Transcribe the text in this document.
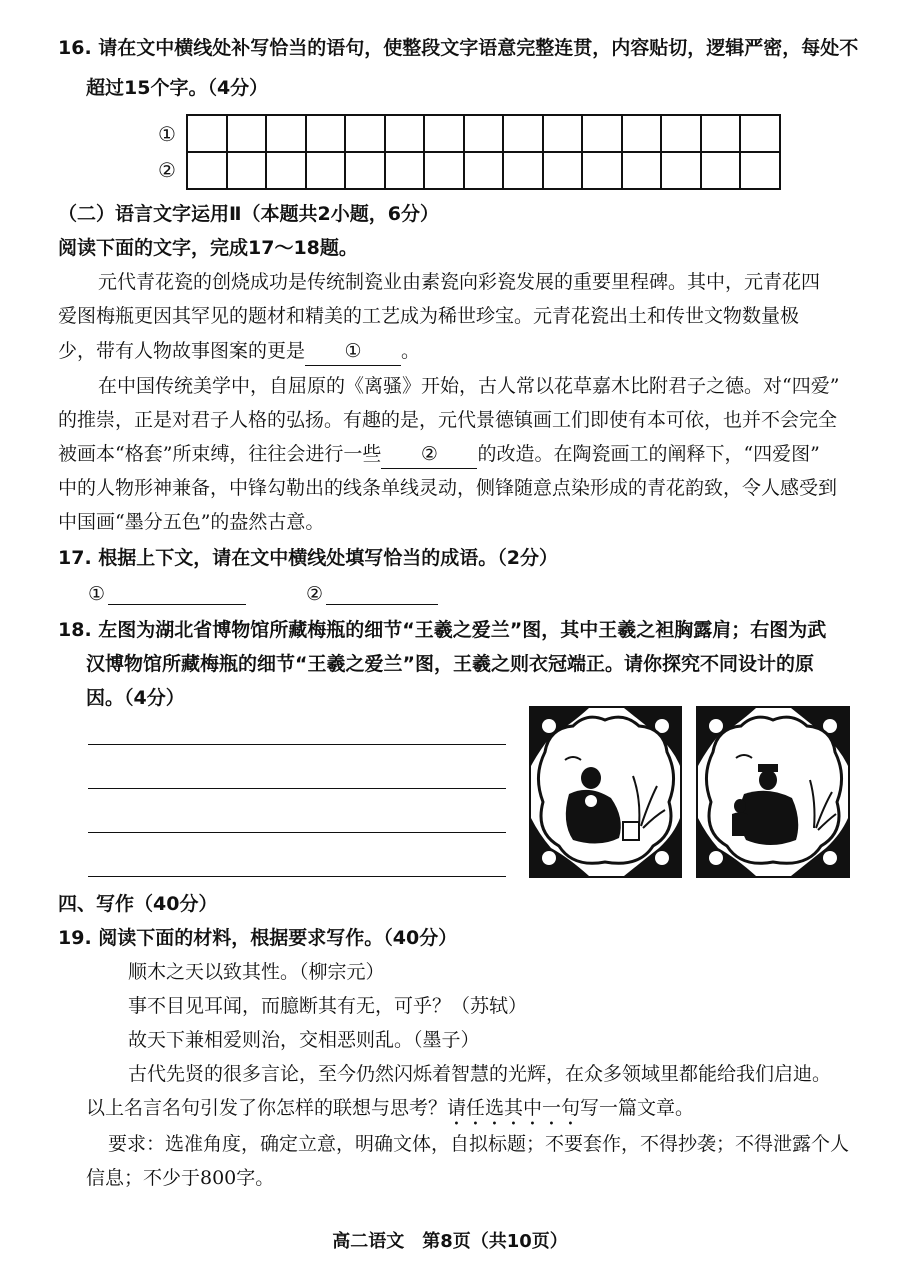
16. 请在文中横线处补写恰当的语句，使整段文字语意完整连贯，内容贴切，逻辑严密，每处不
超过15个字。（4分）
①
②

（二）语言文字运用Ⅱ（本题共2小题，6分）
阅读下面的文字，完成17～18题。
元代青花瓷的创烧成功是传统制瓷业由素瓷向彩瓷发展的重要里程碑。其中，元青花四
爱图梅瓶更因其罕见的题材和精美的工艺成为稀世珍宝。元青花瓷出土和传世文物数量极
少，带有人物故事图案的更是 ① 。
在中国传统美学中，自屈原的《离骚》开始，古人常以花草嘉木比附君子之德。对“四爱”
的推崇，正是对君子人格的弘扬。有趣的是，元代景德镇画工们即使有本可依，也并不会完全
被画本“格套”所束缚，往往会进行一些 ② 的改造。在陶瓷画工的阐释下，“四爱图”
中的人物形神兼备，中锋勾勒出的线条单线灵动，侧锋随意点染形成的青花韵致，令人感受到
中国画“墨分五色”的盎然古意。
17. 根据上下文，请在文中横线处填写恰当的成语。（2分）
①	②
18. 左图为湖北省博物馆所藏梅瓶的细节“王羲之爱兰”图，其中王羲之袒胸露肩；右图为武
汉博物馆所藏梅瓶的细节“王羲之爱兰”图，王羲之则衣冠端正。请你探究不同设计的原
因。（4分）
四、写作（40分）
19. 阅读下面的材料，根据要求写作。（40分）
顺木之天以致其性。（柳宗元）
事不目见耳闻，而臆断其有无，可乎？（苏轼）
故天下兼相爱则治，交相恶则乱。（墨子）
古代先贤的很多言论，至今仍然闪烁着智慧的光辉，在众多领域里都能给我们启迪。
以上名言名句引发了你怎样的联想与思考？请任选其中一句写一篇文章。
要求：选准角度，确定立意，明确文体，自拟标题；不要套作，不得抄袭；不得泄露个人
信息；不少于800字。
高二语文　第8页（共10页）
